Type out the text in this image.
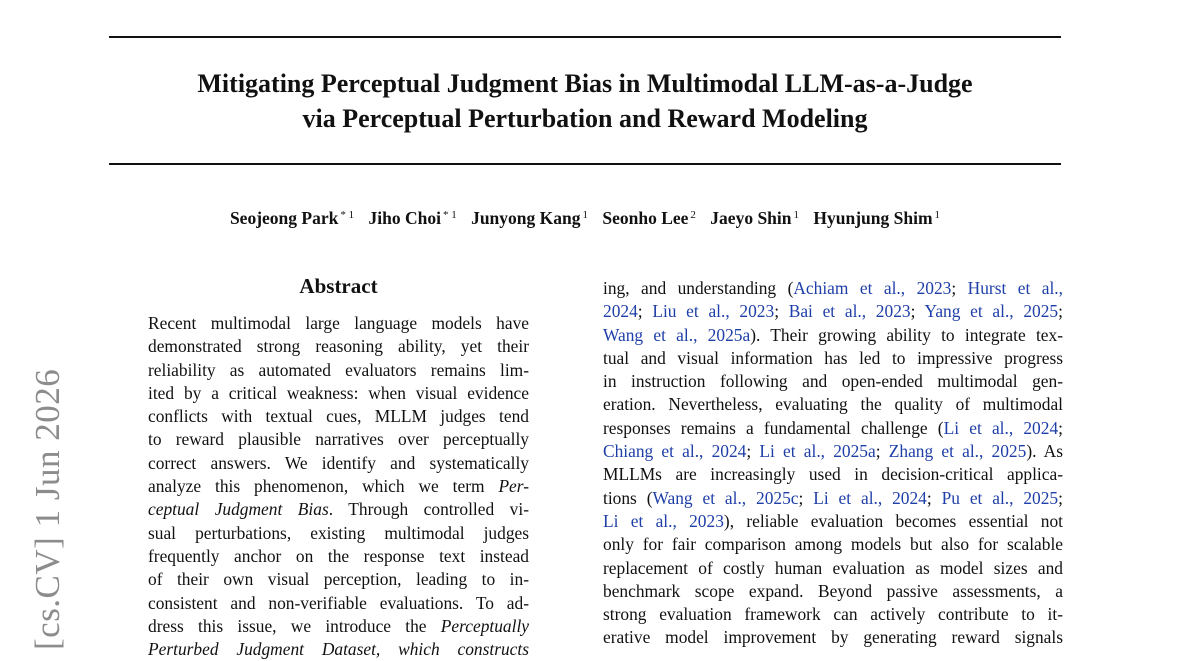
Mitigating Perceptual Judgment Bias in Multimodal LLM-as-a-Judge
via Perceptual Perturbation and Reward Modeling
Seojeong Park $^{* 1}$ Jiho Choi $^{* 1}$ Junyong Kang $^1$ Seonho Lee $^2$ Jaeyo Shin $^1$ Hyunjung Shim $^1$
[cs.CV] 1 Jun 2026
Abstract
Recent multimodal large language models have
demonstrated strong reasoning ability, yet their
reliability as automated evaluators remains lim-
ited by a critical weakness: when visual evidence
conflicts with textual cues, MLLM judges tend
to reward plausible narratives over perceptually
correct answers. We identify and systematically
analyze this phenomenon, which we term Per-
ceptual Judgment Bias. Through controlled vi-
sual perturbations, existing multimodal judges
frequently anchor on the response text instead
of their own visual perception, leading to in-
consistent and non-verifiable evaluations. To ad-
dress this issue, we introduce the Perceptually
Perturbed Judgment Dataset, which constructs
ing, and understanding (Achiam et al., 2023; Hurst et al.,
2024; Liu et al., 2023; Bai et al., 2023; Yang et al., 2025;
Wang et al., 2025a). Their growing ability to integrate tex-
tual and visual information has led to impressive progress
in instruction following and open-ended multimodal gen-
eration. Nevertheless, evaluating the quality of multimodal
responses remains a fundamental challenge (Li et al., 2024;
Chiang et al., 2024; Li et al., 2025a; Zhang et al., 2025). As
MLLMs are increasingly used in decision-critical applica-
tions (Wang et al., 2025c; Li et al., 2024; Pu et al., 2025;
Li et al., 2023), reliable evaluation becomes essential not
only for fair comparison among models but also for scalable
replacement of costly human evaluation as model sizes and
benchmark scope expand. Beyond passive assessments, a
strong evaluation framework can actively contribute to it-
erative model improvement by generating reward signals
